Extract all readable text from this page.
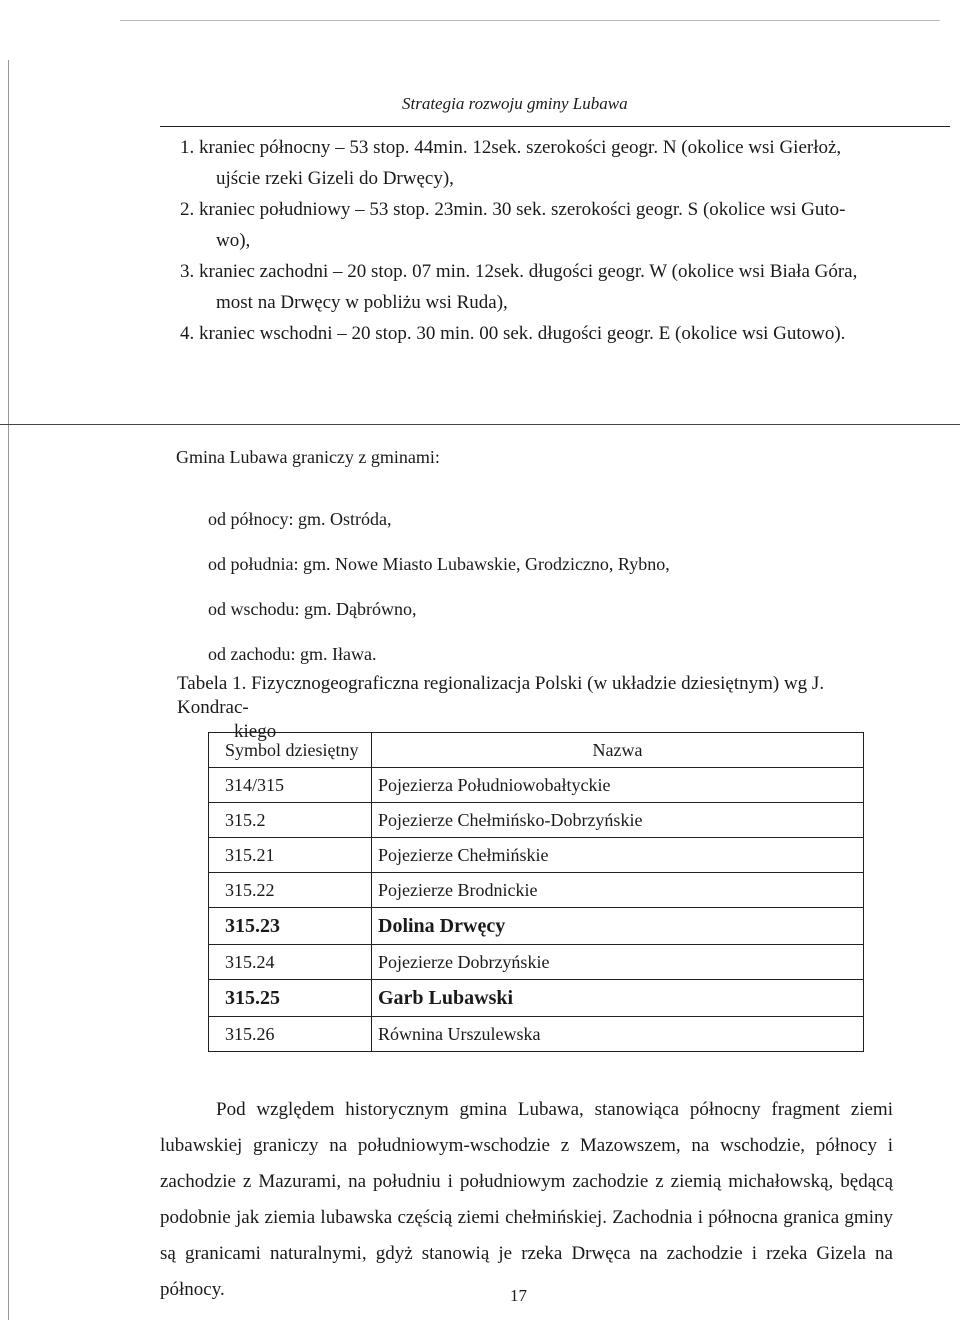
Strategia rozwoju gminy Lubawa

1. kraniec północny – 53 stop. 44min. 12sek. szerokości geogr. N (okolice wsi Gierłoż,

ujście rzeki Gizeli do Drwęcy),

2. kraniec południowy – 53 stop. 23min. 30 sek. szerokości geogr. S (okolice wsi Guto-

wo),

3. kraniec zachodni – 20 stop. 07 min. 12sek. długości geogr. W (okolice wsi Biała Góra,

most na Drwęcy w pobliżu wsi Ruda),

4. kraniec wschodni – 20 stop. 30 min. 00 sek. długości geogr. E (okolice wsi Gutowo).

Gmina Lubawa graniczy z gminami:
od północy: gm. Ostróda,
od południa: gm. Nowe Miasto Lubawskie, Grodziczno, Rybno,
od wschodu: gm. Dąbrówno,
od zachodu: gm. Iława.
Tabela 1. Fizycznogeograficzna regionalizacja Polski (w układzie dziesiętnym) wg J. Kondrac-
kiego
Symbol dziesiętny	Nazwa
314/315	Pojezierza Południowobałtyckie
315.2	Pojezierze Chełmińsko-Dobrzyńskie
315.21	Pojezierze Chełmińskie
315.22	Pojezierze Brodnickie
315.23	Dolina Drwęcy
315.24	Pojezierze Dobrzyńskie
315.25	Garb Lubawski
315.26	Równina Urszulewska

Pod względem historycznym gmina Lubawa, stanowiąca północny fragment ziemi lubawskiej graniczy na południowym-wschodzie z Mazowszem, na wschodzie, północy i zachodzie z Mazurami, na południu i południowym zachodzie z ziemią michałowską, będącą podobnie jak ziemia lubawska częścią ziemi chełmińskiej. Zachodnia i północna granica gminy są granicami naturalnymi, gdyż stanowią je rzeka Drwęca na zachodzie i rzeka Gizela na północy.	17
